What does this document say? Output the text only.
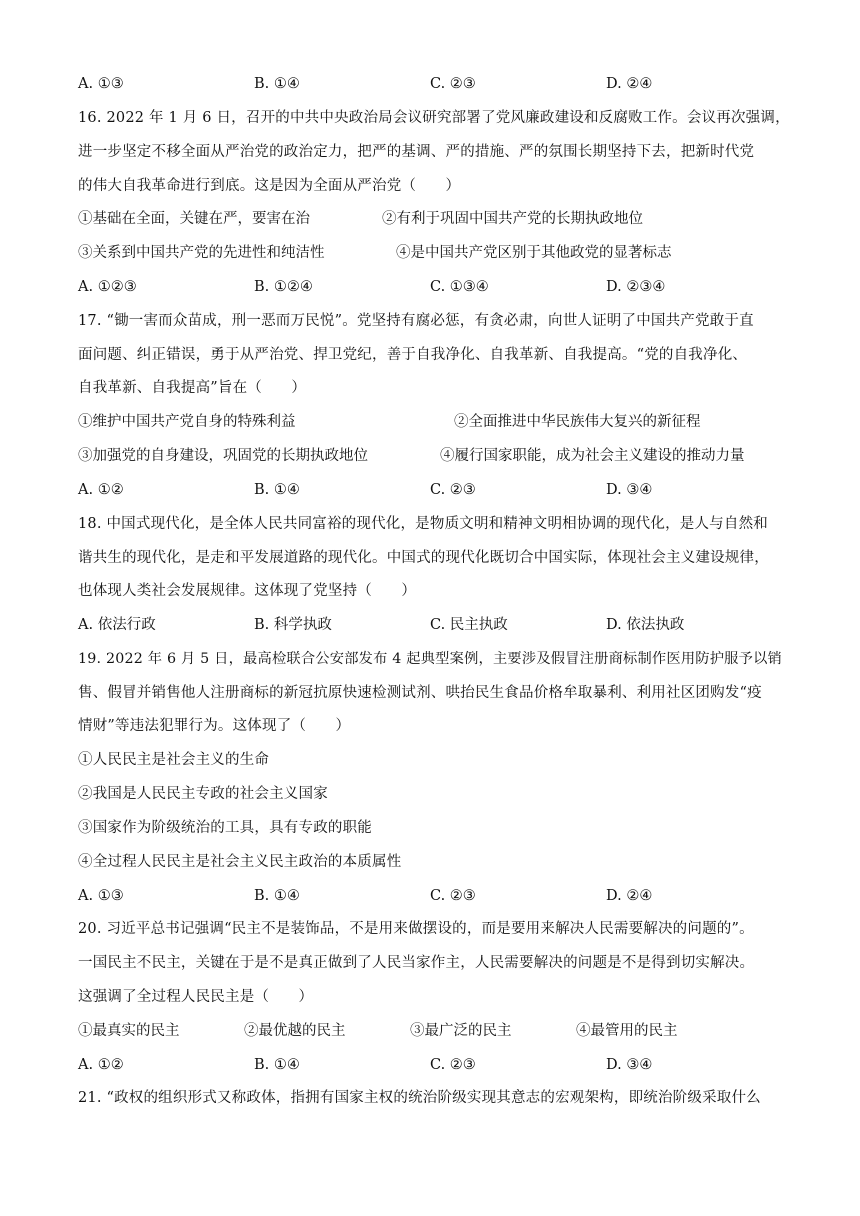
A. ①③	B. ①④	C. ②③	D. ②④
16. 2022 年 1 月 6 日，召开的中共中央政治局会议研究部署了党风廉政建设和反腐败工作。会议再次强调，
进一步坚定不移全面从严治党的政治定力，把严的基调、严的措施、严的氛围长期坚持下去，把新时代党
的伟大自我革命进行到底。这是因为全面从严治党（　　）
①基础在全面，关键在严，要害在治	②有利于巩固中国共产党的长期执政地位
③关系到中国共产党的先进性和纯洁性	④是中国共产党区别于其他政党的显著标志
A. ①②③	B. ①②④	C. ①③④	D. ②③④
17. “锄一害而众苗成，刑一恶而万民悦”。党坚持有腐必惩，有贪必肃，向世人证明了中国共产党敢于直
面问题、纠正错误，勇于从严治党、捍卫党纪，善于自我净化、自我革新、自我提高。“党的自我净化、
自我革新、自我提高”旨在（　　）
①维护中国共产党自身的特殊利益	②全面推进中华民族伟大复兴的新征程
③加强党的自身建设，巩固党的长期执政地位	④履行国家职能，成为社会主义建设的推动力量
A. ①②	B. ①④	C. ②③	D. ③④
18. 中国式现代化，是全体人民共同富裕的现代化，是物质文明和精神文明相协调的现代化，是人与自然和
谐共生的现代化，是走和平发展道路的现代化。中国式的现代化既切合中国实际，体现社会主义建设规律，
也体现人类社会发展规律。这体现了党坚持（　　）
A. 依法行政	B. 科学执政	C. 民主执政	D. 依法执政
19. 2022 年 6 月 5 日，最高检联合公安部发布 4 起典型案例，主要涉及假冒注册商标制作医用防护服予以销
售、假冒并销售他人注册商标的新冠抗原快速检测试剂、哄抬民生食品价格牟取暴利、利用社区团购发“疫
情财”等违法犯罪行为。这体现了（　　）
①人民民主是社会主义的生命
②我国是人民民主专政的社会主义国家
③国家作为阶级统治的工具，具有专政的职能
④全过程人民民主是社会主义民主政治的本质属性
A. ①③	B. ①④	C. ②③	D. ②④
20. 习近平总书记强调“民主不是装饰品，不是用来做摆设的，而是要用来解决人民需要解决的问题的”。
一国民主不民主，关键在于是不是真正做到了人民当家作主，人民需要解决的问题是不是得到切实解决。
这强调了全过程人民民主是（　　）
①最真实的民主	②最优越的民主	③最广泛的民主	④最管用的民主
A. ①②	B. ①④	C. ②③	D. ③④
21. “政权的组织形式又称政体，指拥有国家主权的统治阶级实现其意志的宏观架构，即统治阶级采取什么
